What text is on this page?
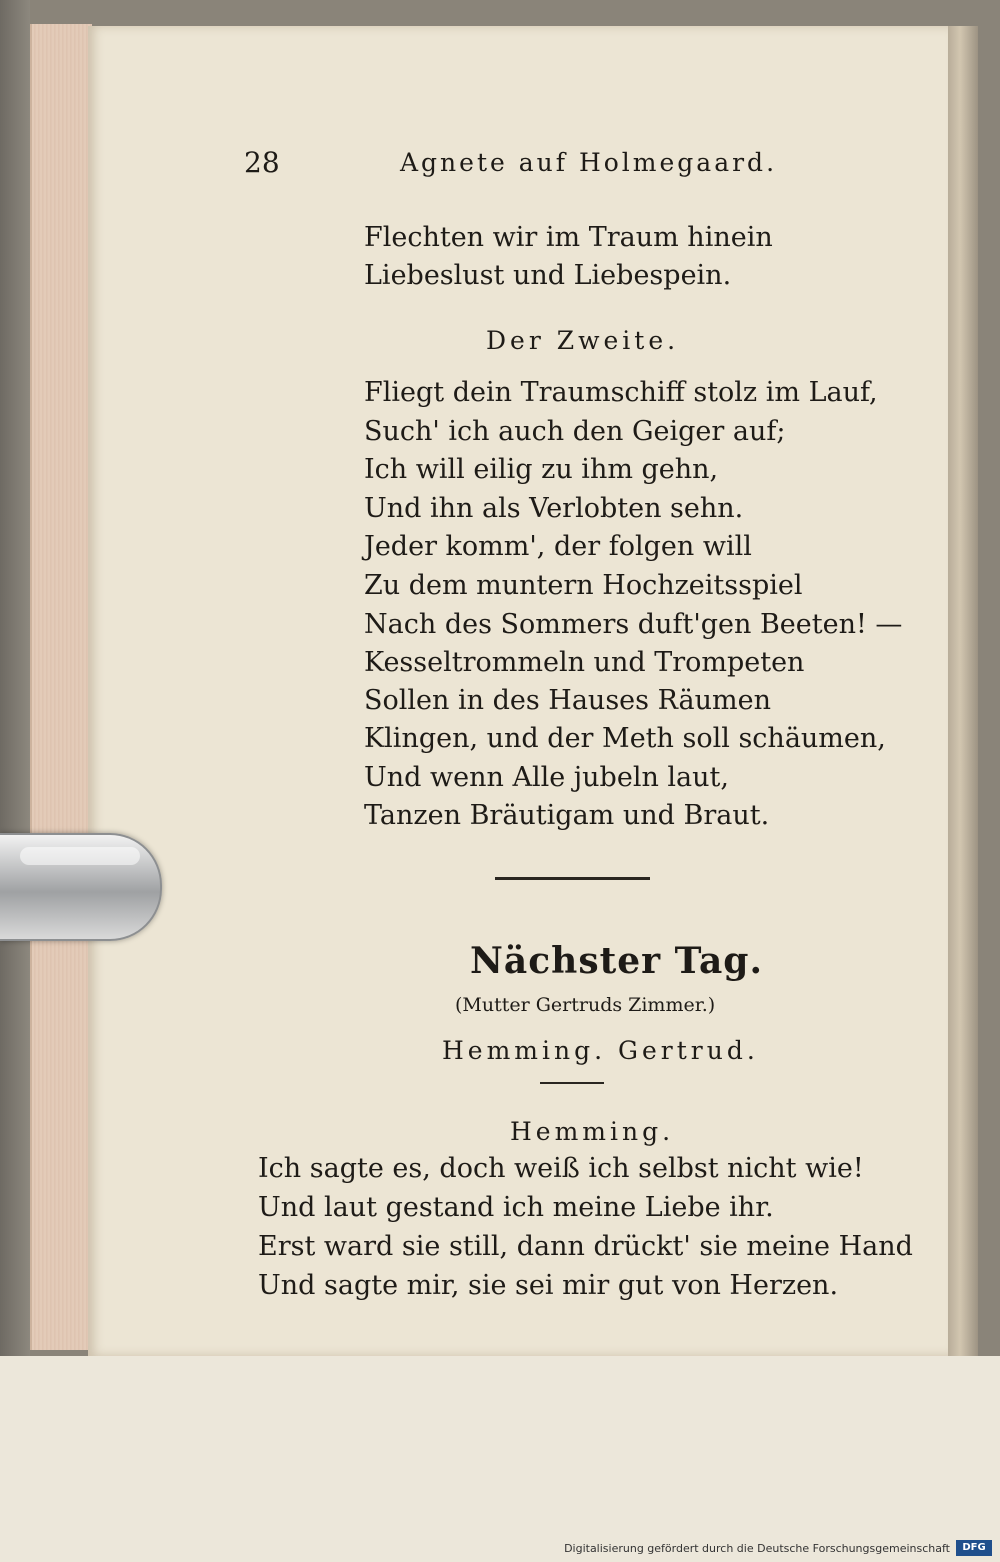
28	Agnete auf Holmegaard.
Flechten wir im Traum hinein
Liebeslust und Liebespein.
Der Zweite.
Fliegt dein Traumschiff stolz im Lauf,
Such' ich auch den Geiger auf;
Ich will eilig zu ihm gehn,
Und ihn als Verlobten sehn.
Jeder komm', der folgen will
Zu dem muntern Hochzeitsspiel
Nach des Sommers duft'gen Beeten! —
Kesseltrommeln und Trompeten
Sollen in des Hauses Räumen
Klingen, und der Meth soll schäumen,
Und wenn Alle jubeln laut,
Tanzen Bräutigam und Braut.
Nächster Tag.
(Mutter Gertruds Zimmer.)
Hemming. Gertrud.
Hemming.
Ich sagte es, doch weiß ich selbst nicht wie!
Und laut gestand ich meine Liebe ihr.
Erst ward sie still, dann drückt' sie meine Hand
Und sagte mir, sie sei mir gut von Herzen.
Digitalisierung gefördert durch die Deutsche Forschungsgemeinschaft	DFG
